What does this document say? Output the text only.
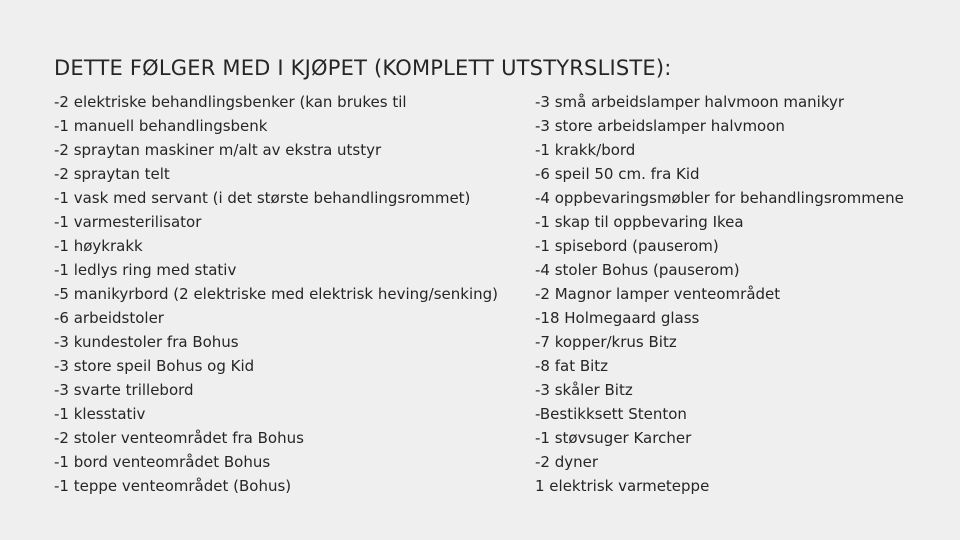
DETTE FØLGER MED I KJØPET (KOMPLETT UTSTYRSLISTE):
-2 elektriske behandlingsbenker (kan brukes til
-1 manuell behandlingsbenk
-2 spraytan maskiner m/alt av ekstra utstyr
-2 spraytan telt
-1 vask med servant (i det største behandlingsrommet)
-1 varmesterilisator
-1 høykrakk
-1 ledlys ring med stativ
-5 manikyrbord (2 elektriske med elektrisk heving/senking)
-6 arbeidstoler
-3 kundestoler fra Bohus
-3 store speil Bohus og Kid
-3 svarte trillebord
-1 klesstativ
-2 stoler venteområdet fra Bohus
-1 bord venteområdet Bohus
-1 teppe venteområdet (Bohus)
-3 små arbeidslamper halvmoon manikyr
-3 store arbeidslamper halvmoon
-1 krakk/bord
-6 speil 50 cm. fra Kid
-4 oppbevaringsmøbler for behandlingsrommene
-1 skap til oppbevaring Ikea
-1 spisebord (pauserom)
-4 stoler Bohus (pauserom)
-2 Magnor lamper venteområdet
-18 Holmegaard glass
-7 kopper/krus Bitz
-8 fat Bitz
-3 skåler Bitz
-Bestikksett Stenton
-1 støvsuger Karcher
-2 dyner
1 elektrisk varmeteppe
